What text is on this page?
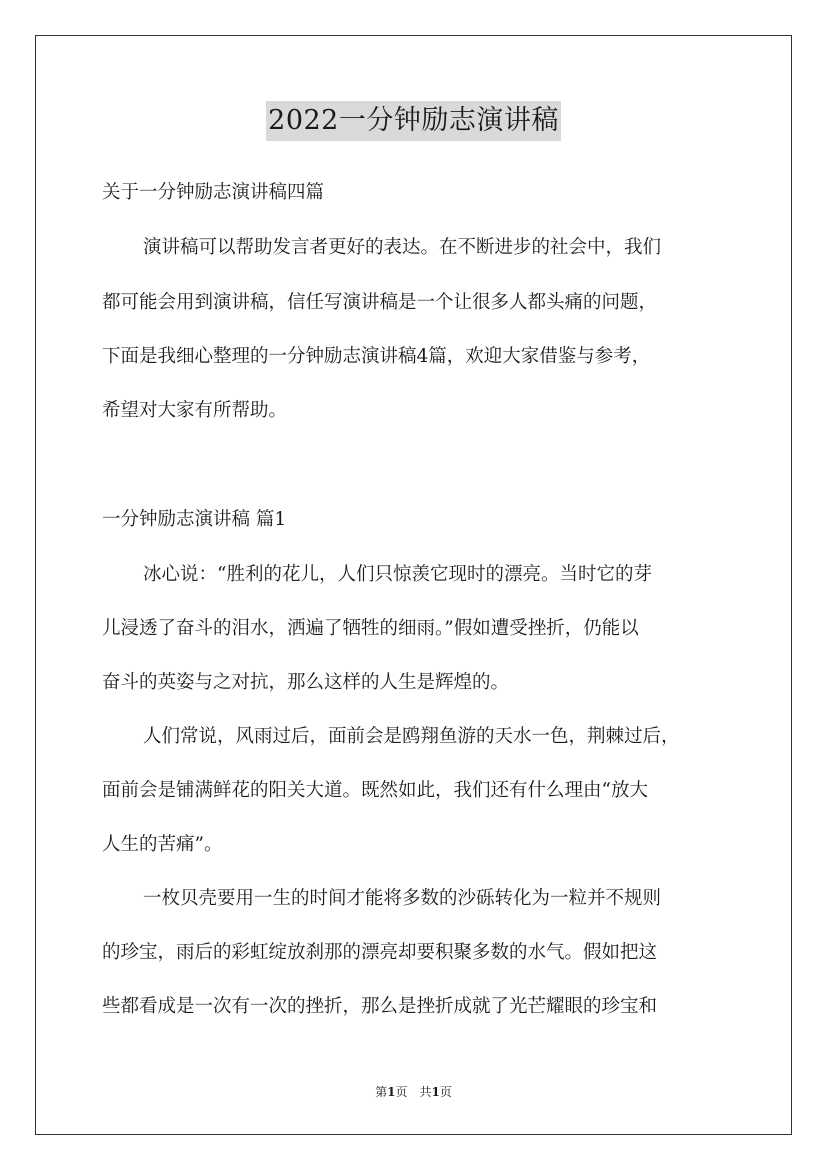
2022一分钟励志演讲稿
关于一分钟励志演讲稿四篇
演讲稿可以帮助发言者更好的表达。在不断进步的社会中，我们
都可能会用到演讲稿，信任写演讲稿是一个让很多人都头痛的问题，
下面是我细心整理的一分钟励志演讲稿4篇，欢迎大家借鉴与参考，
希望对大家有所帮助。
一分钟励志演讲稿 篇1
冰心说：“胜利的花儿，人们只惊羡它现时的漂亮。当时它的芽
儿浸透了奋斗的泪水，洒遍了牺牲的细雨。”假如遭受挫折，仍能以
奋斗的英姿与之对抗，那么这样的人生是辉煌的。
人们常说，风雨过后，面前会是鸥翔鱼游的天水一色，荆棘过后，
面前会是铺满鲜花的阳关大道。既然如此，我们还有什么理由“放大
人生的苦痛”。
一枚贝壳要用一生的时间才能将多数的沙砾转化为一粒并不规则
的珍宝，雨后的彩虹绽放刹那的漂亮却要积聚多数的水气。假如把这
些都看成是一次有一次的挫折，那么是挫折成就了光芒耀眼的珍宝和
第1页　共1页
